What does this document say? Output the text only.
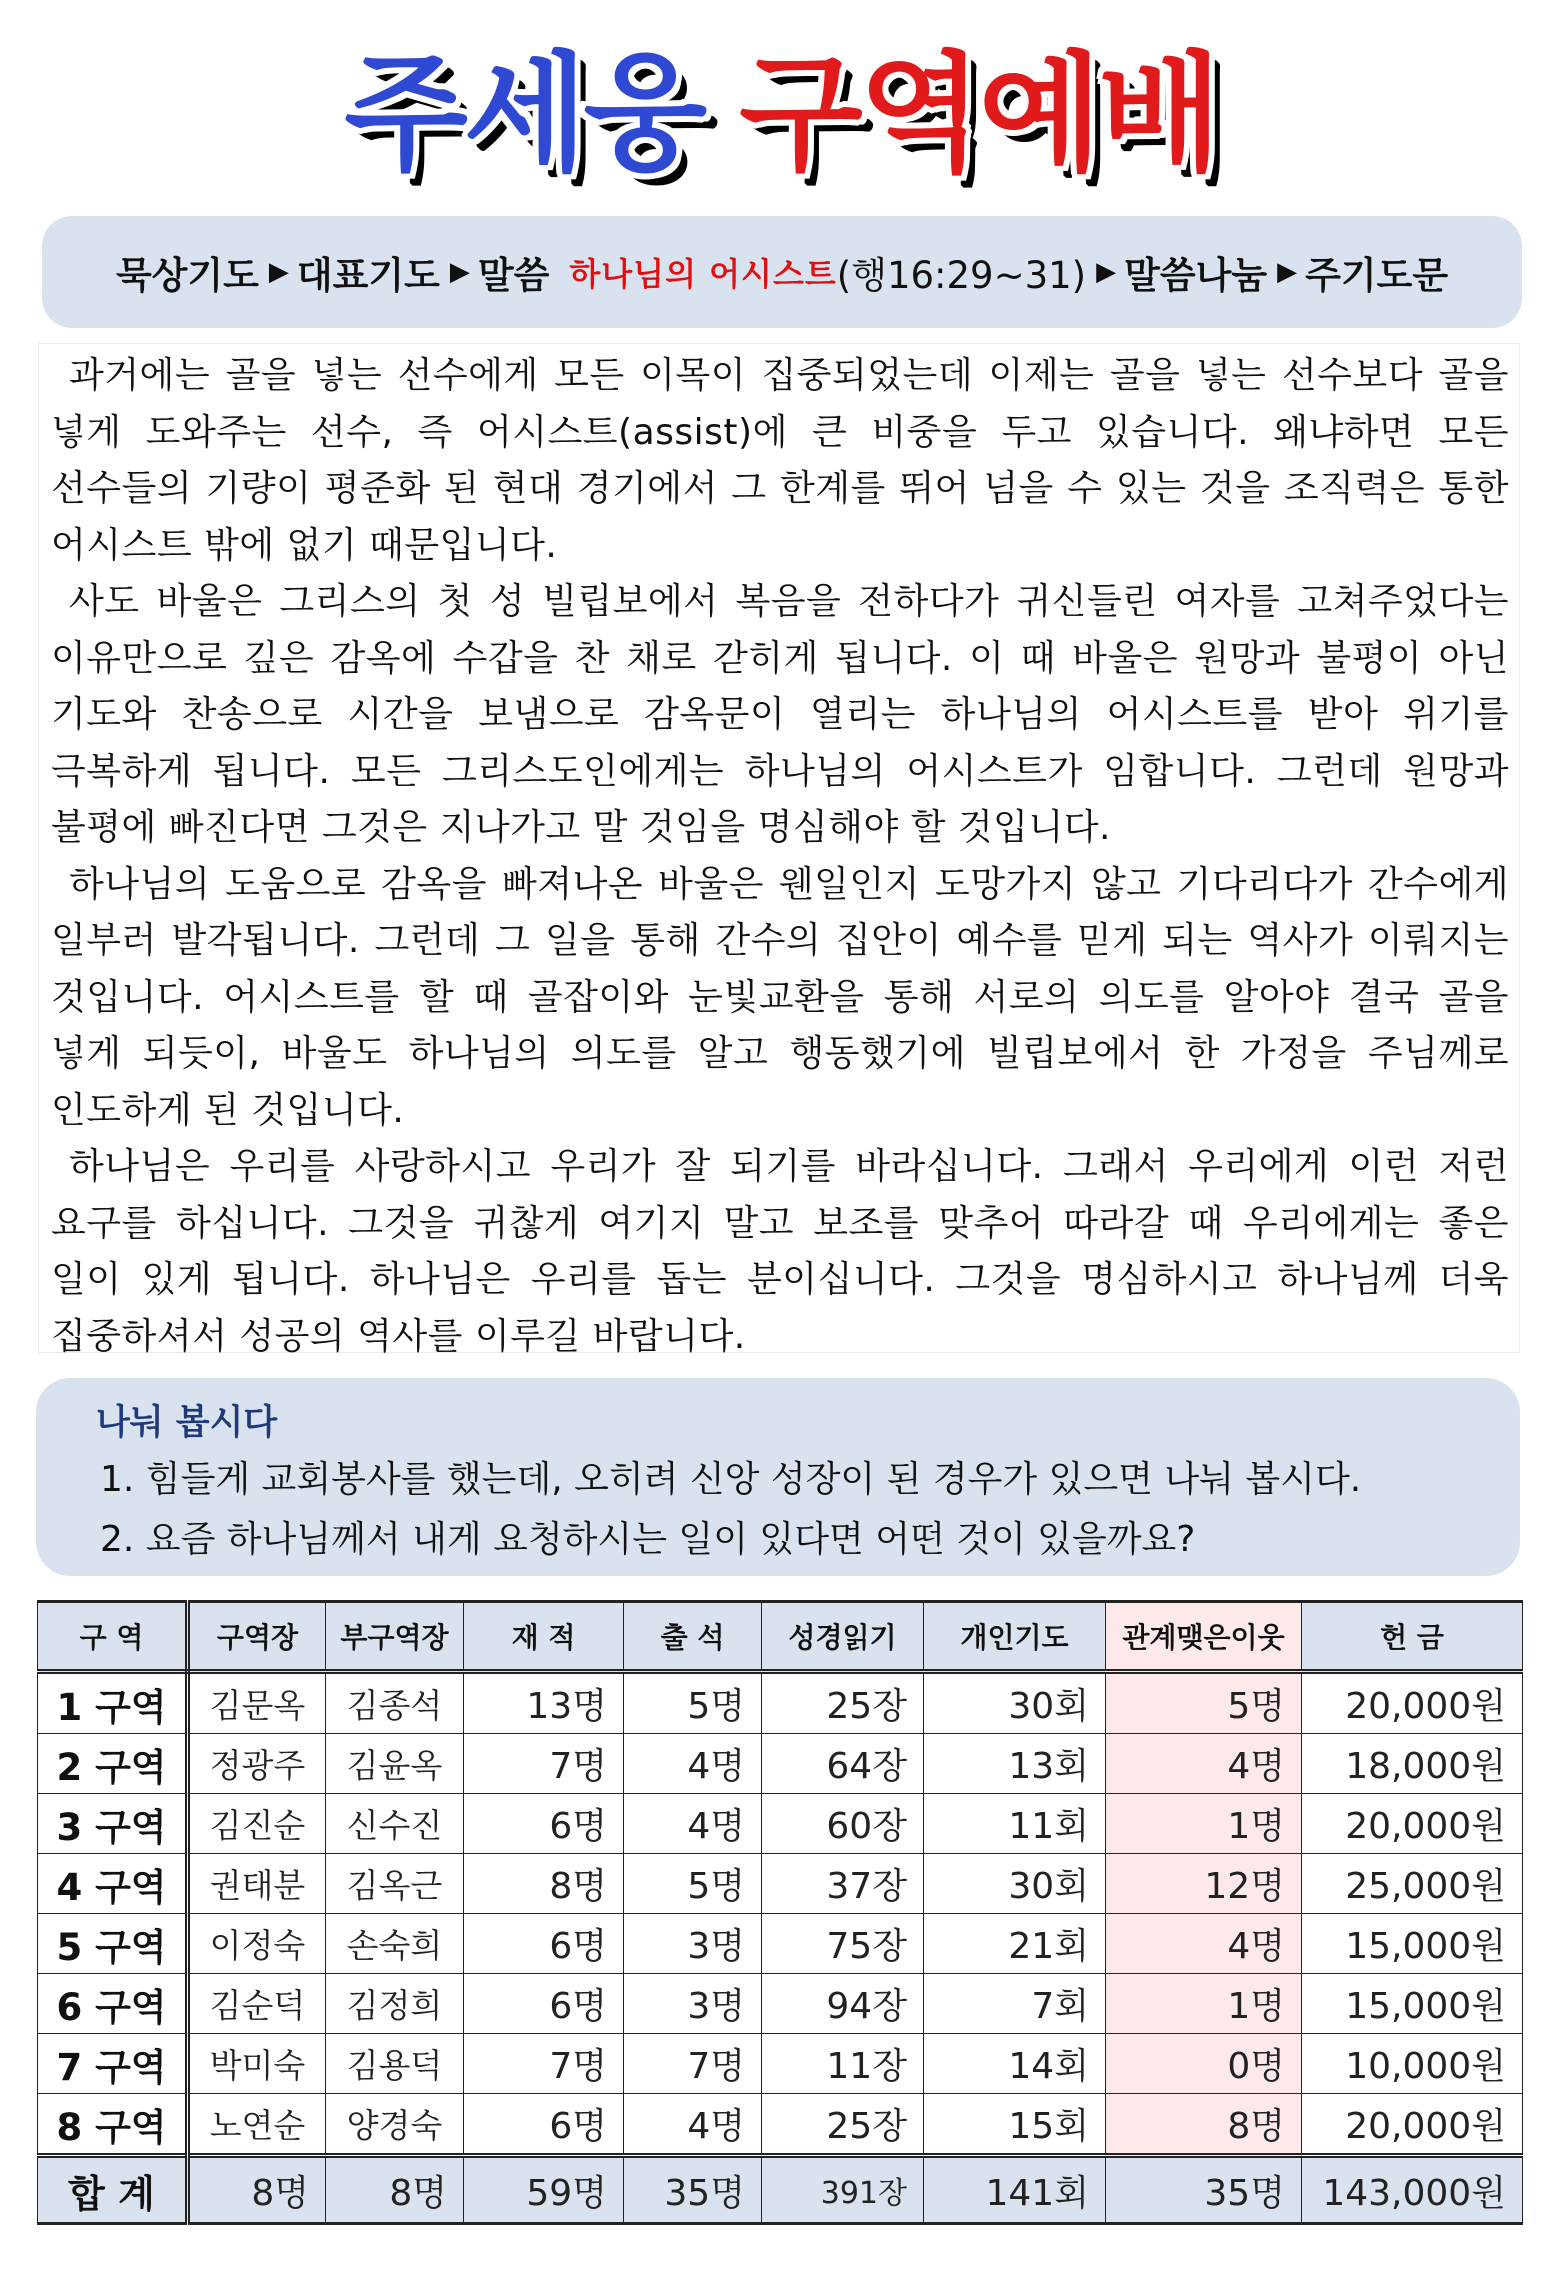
주세웅 구역예배
묵상기도 ▶ 대표기도 ▶ 말씀 하나님의 어시스트 (행16:29~31) ▶ 말씀나눔 ▶ 주기도문

과거에는 골을 넣는 선수에게 모든 이목이 집중되었는데 이제는 골을 넣는 선수보다 골을 넣게 도와주는 선수, 즉 어시스트(assist)에 큰 비중을 두고 있습니다. 왜냐하면 모든 선수들의 기량이 평준화 된 현대 경기에서 그 한계를 뛰어 넘을 수 있는 것을 조직력은 통한 어시스트 밖에 없기 때문입니다.

사도 바울은 그리스의 첫 성 빌립보에서 복음을 전하다가 귀신들린 여자를 고쳐주었다는 이유만으로 깊은 감옥에 수갑을 찬 채로 갇히게 됩니다. 이 때 바울은 원망과 불평이 아닌 기도와 찬송으로 시간을 보냄으로 감옥문이 열리는 하나님의 어시스트를 받아 위기를 극복하게 됩니다. 모든 그리스도인에게는 하나님의 어시스트가 임합니다. 그런데 원망과 불평에 빠진다면 그것은 지나가고 말 것임을 명심해야 할 것입니다.

하나님의 도움으로 감옥을 빠져나온 바울은 웬일인지 도망가지 않고 기다리다가 간수에게 일부러 발각됩니다. 그런데 그 일을 통해 간수의 집안이 예수를 믿게 되는 역사가 이뤄지는 것입니다. 어시스트를 할 때 골잡이와 눈빛교환을 통해 서로의 의도를 알아야 결국 골을 넣게 되듯이, 바울도 하나님의 의도를 알고 행동했기에 빌립보에서 한 가정을 주님께로 인도하게 된 것입니다.

하나님은 우리를 사랑하시고 우리가 잘 되기를 바라십니다. 그래서 우리에게 이런 저런 요구를 하십니다. 그것을 귀찮게 여기지 말고 보조를 맞추어 따라갈 때 우리에게는 좋은 일이 있게 됩니다. 하나님은 우리를 돕는 분이십니다. 그것을 명심하시고 하나님께 더욱 집중하셔서 성공의 역사를 이루길 바랍니다.

나눠 봅시다
1. 힘들게 교회봉사를 했는데, 오히려 신앙 성장이 된 경우가 있으면 나눠 봅시다.
2. 요즘 하나님께서 내게 요청하시는 일이 있다면 어떤 것이 있을까요?
구 역	구역장	부구역장	재 적	출 석	성경읽기	개인기도	관계맺은이웃	헌 금
1 구역	김문옥	김종석	13명	5명	25장	30회	5명	20,000원
2 구역	정광주	김윤옥	7명	4명	64장	13회	4명	18,000원
3 구역	김진순	신수진	6명	4명	60장	11회	1명	20,000원
4 구역	권태분	김옥근	8명	5명	37장	30회	12명	25,000원
5 구역	이정숙	손숙희	6명	3명	75장	21회	4명	15,000원
6 구역	김순덕	김정희	6명	3명	94장	7회	1명	15,000원
7 구역	박미숙	김용덕	7명	7명	11장	14회	0명	10,000원
8 구역	노연순	양경숙	6명	4명	25장	15회	8명	20,000원
합 계	8명	8명	59명	35명	391장	141회	35명	143,000원
